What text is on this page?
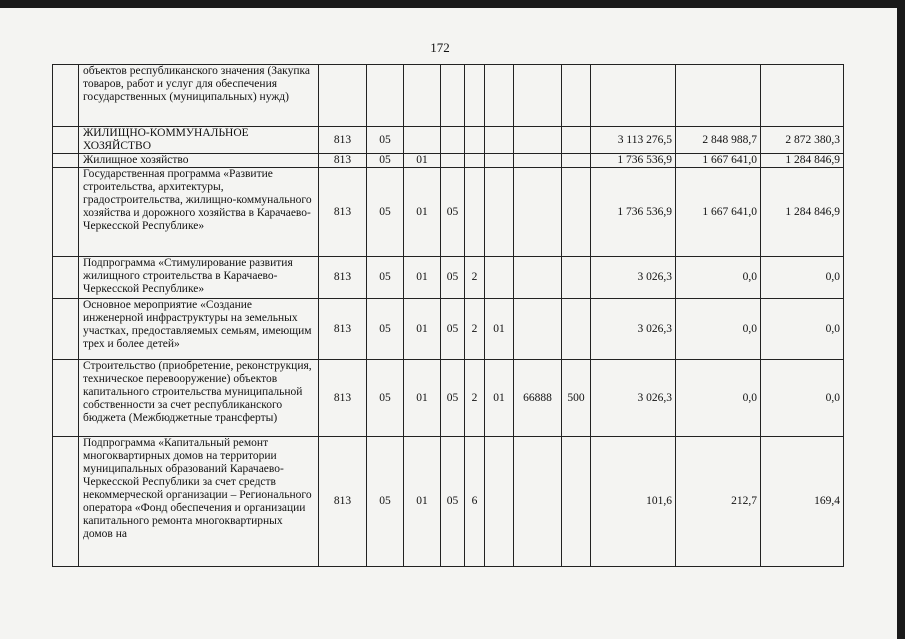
172
	объектов республиканского значения (Закупка товаров, работ и услуг для обеспечения государственных (муниципальных) нужд)											
	ЖИЛИЩНО-КОММУНАЛЬНОЕ ХОЗЯЙСТВО	813	05							3 113 276,5	2 848 988,7	2 872 380,3
	Жилищное хозяйство	813	05	01						1 736 536,9	1 667 641,0	1 284 846,9
	Государственная программа «Развитие строительства, архитектуры, градостроительства, жилищно-коммунального хозяйства и дорожного хозяйства в Карачаево-Черкесской Республике»	813	05	01	05					1 736 536,9	1 667 641,0	1 284 846,9
	Подпрограмма «Стимулирование развития жилищного строительства в Карачаево-Черкесской Республике»	813	05	01	05	2				3 026,3	0,0	0,0
	Основное мероприятие «Создание инженерной инфраструктуры на земельных участках, предоставляемых семьям, имеющим трех и более детей»	813	05	01	05	2	01			3 026,3	0,0	0,0
	Строительство (приобретение, реконструкция, техническое перевооружение) объектов капитального строительства муниципальной собственности за счет республиканского бюджета (Межбюджетные трансферты)	813	05	01	05	2	01	66888	500	3 026,3	0,0	0,0
	Подпрограмма «Капитальный ремонт многоквартирных домов на территории муниципальных образований Карачаево-Черкесской Республики за счет средств некоммерческой организации – Регионального оператора «Фонд обеспечения и организации капитального ремонта многоквартирных домов на	813	05	01	05	6				101,6	212,7	169,4
